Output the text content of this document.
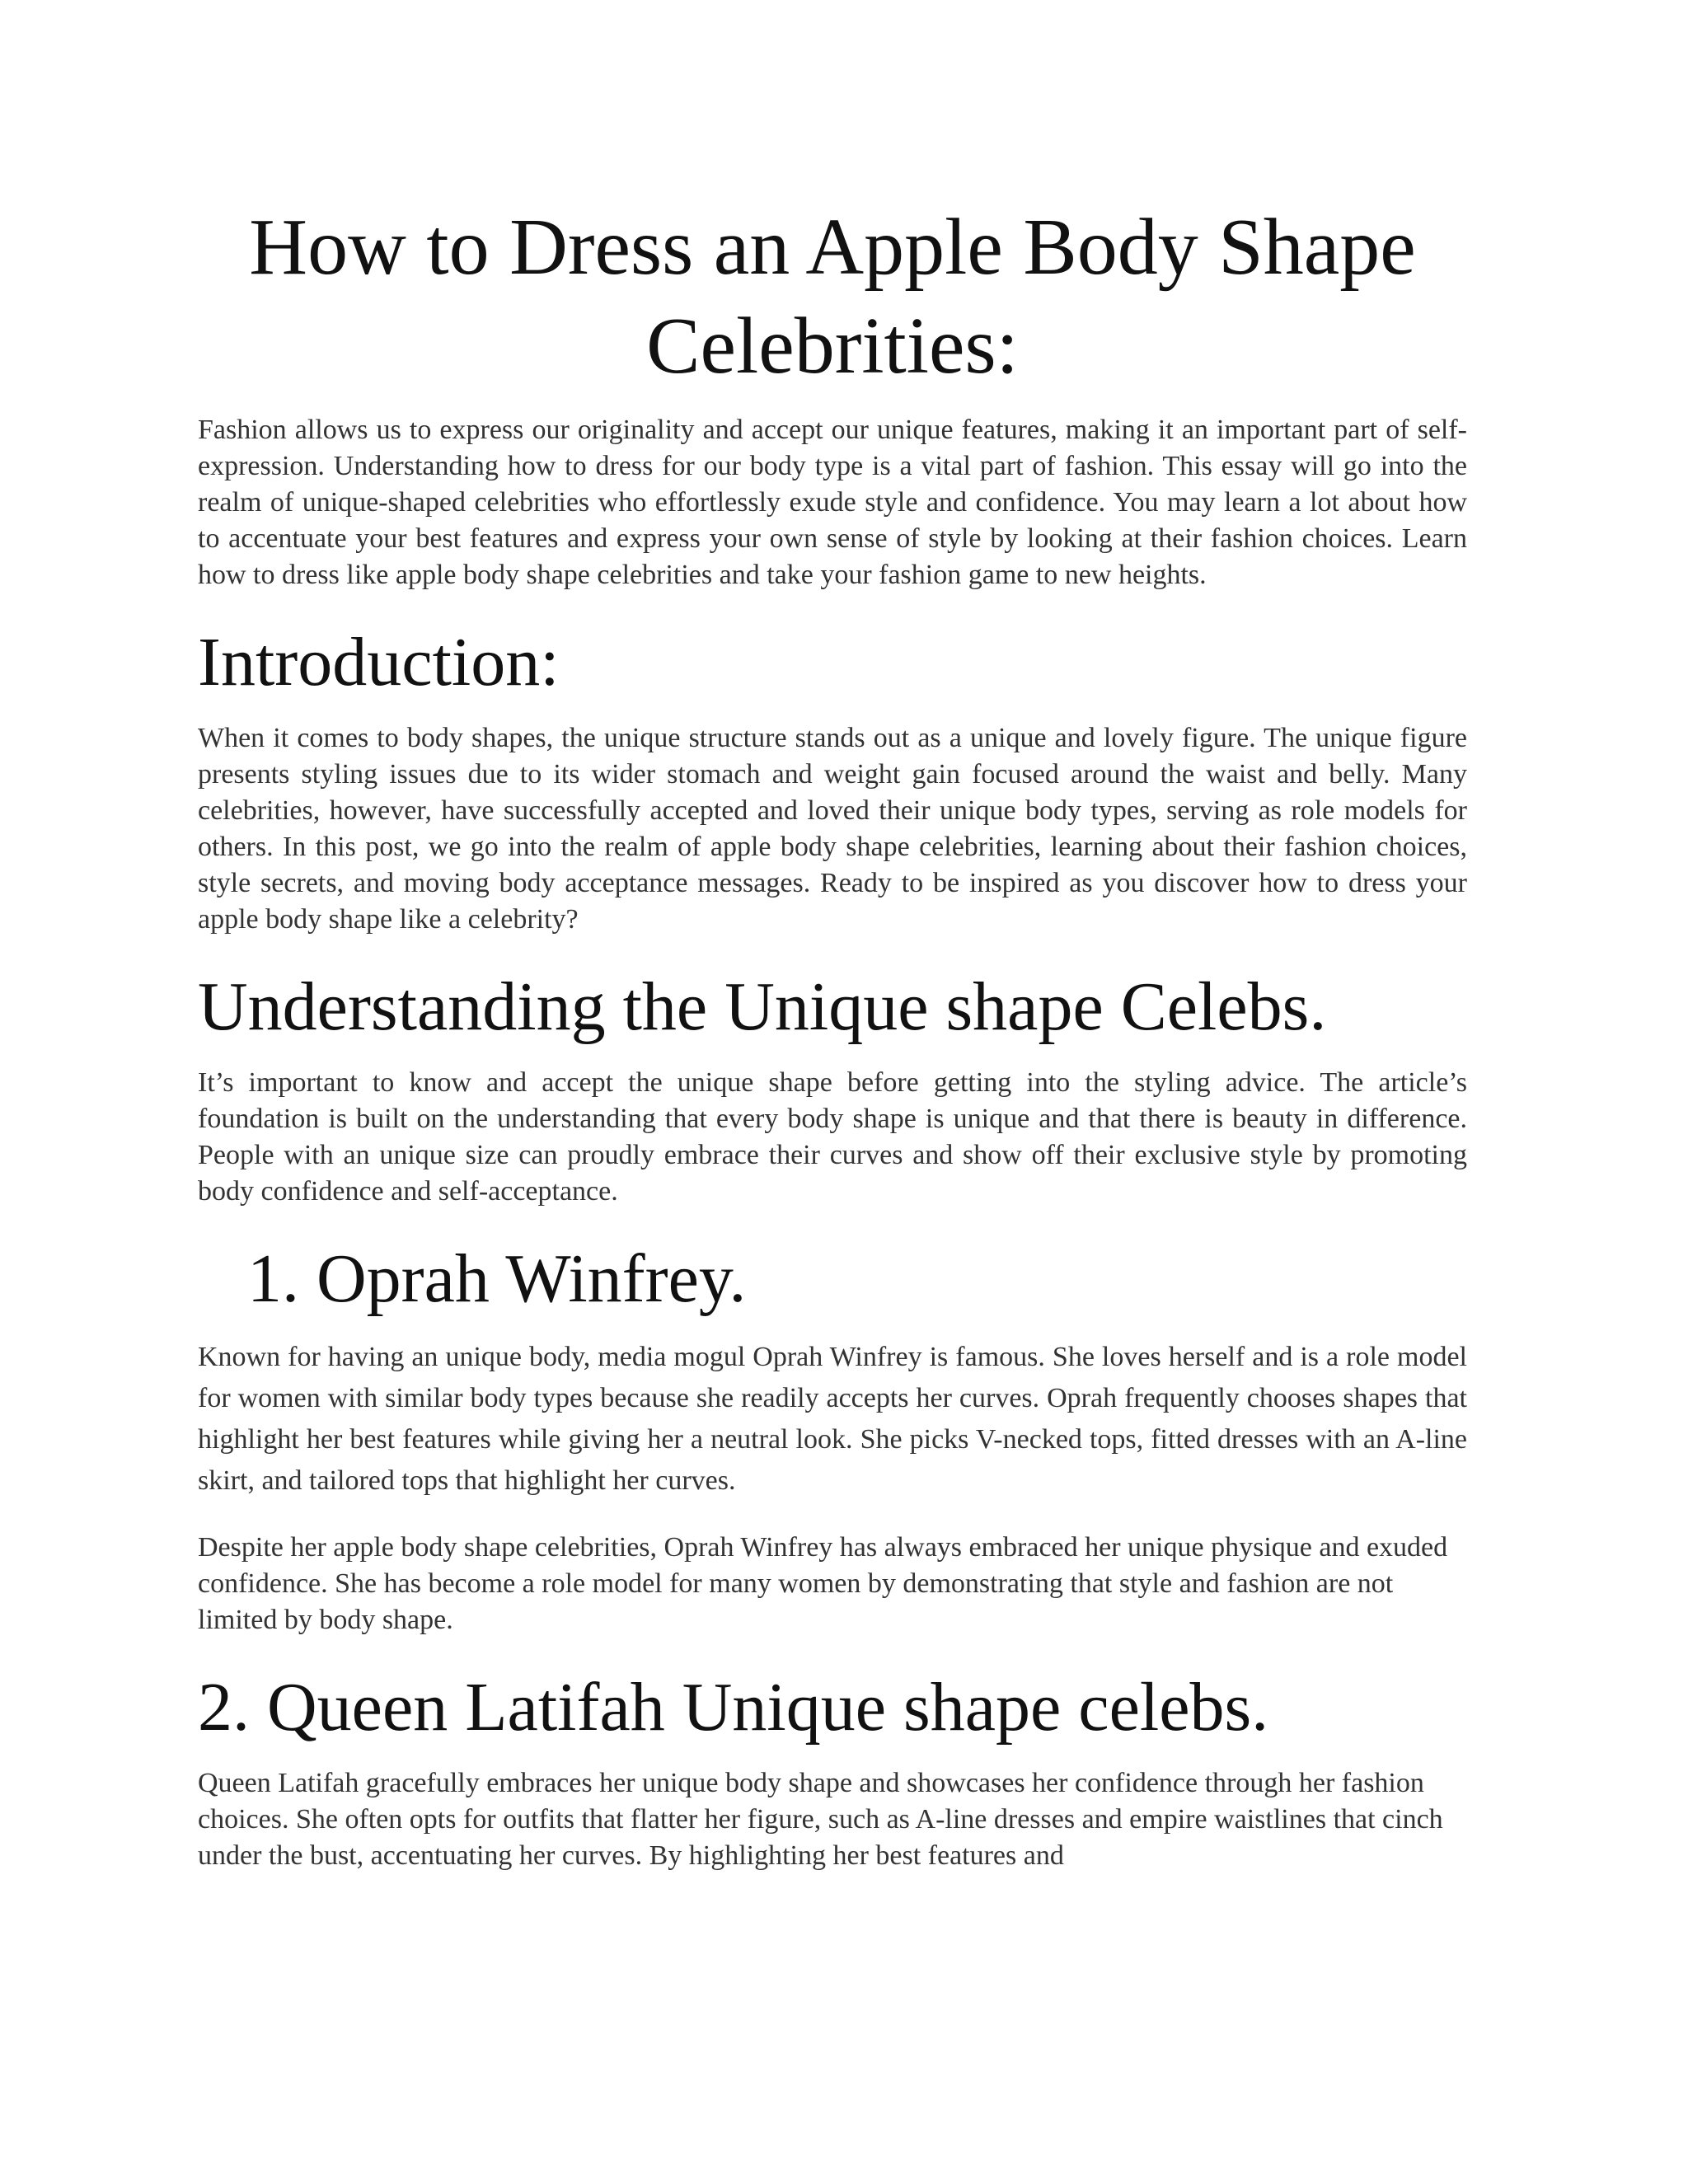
How to Dress an Apple Body Shape Celebrities:

Fashion allows us to express our originality and accept our unique features, making it an important part of self-expression. Understanding how to dress for our body type is a vital part of fashion. This essay will go into the realm of unique-shaped celebrities who effortlessly exude style and confidence. You may learn a lot about how to accentuate your best features and express your own sense of style by looking at their fashion choices. Learn how to dress like apple body shape celebrities and take your fashion game to new heights.

Introduction:

When it comes to body shapes, the unique structure stands out as a unique and lovely figure. The unique figure presents styling issues due to its wider stomach and weight gain focused around the waist and belly. Many celebrities, however, have successfully accepted and loved their unique body types, serving as role models for others. In this post, we go into the realm of apple body shape celebrities, learning about their fashion choices, style secrets, and moving body acceptance messages. Ready to be inspired as you discover how to dress your apple body shape like a celebrity?

Understanding the Unique shape Celebs.

It’s important to know and accept the unique shape before getting into the styling advice. The article’s foundation is built on the understanding that every body shape is unique and that there is beauty in difference. People with an unique size can proudly embrace their curves and show off their exclusive style by promoting body confidence and self-acceptance.

1. Oprah Winfrey.

Known for having an unique body, media mogul Oprah Winfrey is famous. She loves herself and is a role model for women with similar body types because she readily accepts her curves. Oprah frequently chooses shapes that highlight her best features while giving her a neutral look. She picks V-necked tops, fitted dresses with an A-line skirt, and tailored tops that highlight her curves.

Despite her apple body shape celebrities, Oprah Winfrey has always embraced her unique physique and exuded confidence. She has become a role model for many women by demonstrating that style and fashion are not limited by body shape.

2. Queen Latifah Unique shape celebs.

Queen Latifah gracefully embraces her unique body shape and showcases her confidence through her fashion choices. She often opts for outfits that flatter her figure, such as A-line dresses and empire waistlines that cinch under the bust, accentuating her curves. By highlighting her best features and
